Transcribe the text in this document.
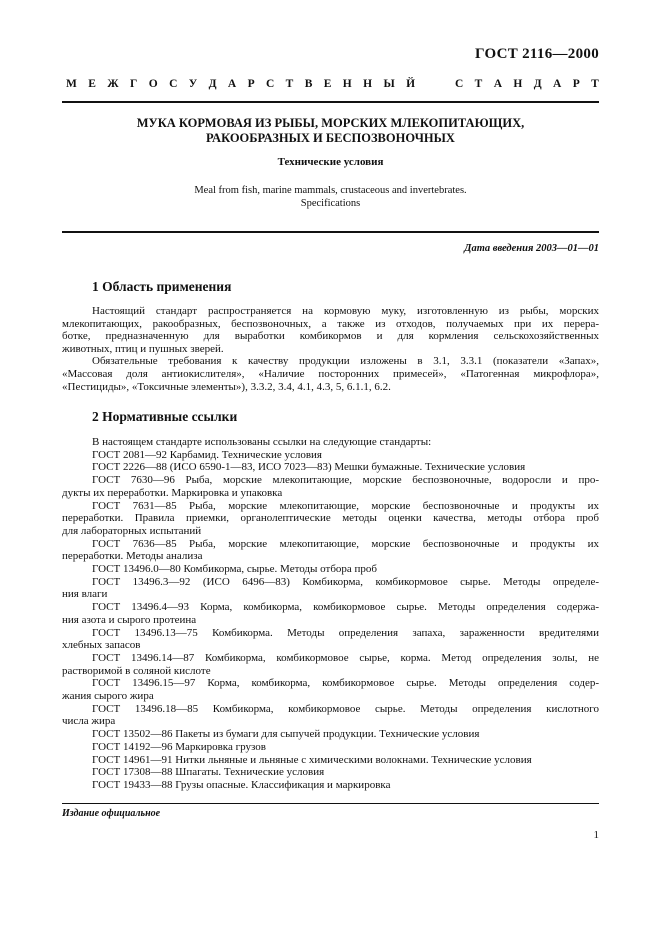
ГОСТ 2116—2000
М Е Ж Г О С У Д А Р С Т В Е Н Н Ы Й

	С Т А Н Д А Р Т
МУКА КОРМОВАЯ ИЗ РЫБЫ, МОРСКИХ МЛЕКОПИТАЮЩИХ,
РАКООБРАЗНЫХ И БЕСПОЗВОНОЧНЫХ
Технические условия
Meal from fish, marine mammals, crustaceous and invertebrates.
Specifications
Дата введения 2003—01—01
1 Область применения

Настоящий стандарт распространяется на кормовую муку, изготовленную из рыбы, морских

млекопитающих, ракообразных, беспозвоночных, а также из отходов, получаемых при их перера-

ботке, предназначенную для выработки комбикормов и для кормления сельскохозяйственных

животных, птиц и пушных зверей.

Обязательные требования к качеству продукции изложены в 3.1, 3.3.1 (показатели «Запах»,

«Массовая доля антиокислителя», «Наличие посторонних примесей», «Патогенная микрофлора»,

«Пестициды», «Токсичные элементы»), 3.3.2, 3.4, 4.1, 4.3, 5, 6.1.1, 6.2.

2 Нормативные ссылки

В настоящем стандарте использованы ссылки на следующие стандарты:

ГОСТ 2081—92 Карбамид. Технические условия

ГОСТ 2226—88 (ИСО 6590-1—83, ИСО 7023—83) Мешки бумажные. Технические условия

ГОСТ 7630—96 Рыба, морские млекопитающие, морские беспозвоночные, водоросли и про-

дукты их переработки. Маркировка и упаковка

ГОСТ 7631—85 Рыба, морские млекопитающие, морские беспозвоночные и продукты их

переработки. Правила приемки, органолептические методы оценки качества, методы отбора проб

для лабораторных испытаний

ГОСТ 7636—85 Рыба, морские млекопитающие, морские беспозвоночные и продукты их

переработки. Методы анализа

ГОСТ 13496.0—80 Комбикорма, сырье. Методы отбора проб

ГОСТ 13496.3—92 (ИСО 6496—83) Комбикорма, комбикормовое сырье. Методы определе-

ния влаги

ГОСТ 13496.4—93 Корма, комбикорма, комбикормовое сырье. Методы определения содержа-

ния азота и сырого протеина

ГОСТ 13496.13—75 Комбикорма. Методы определения запаха, зараженности вредителями

хлебных запасов

ГОСТ 13496.14—87 Комбикорма, комбикормовое сырье, корма. Метод определения золы, не

растворимой в соляной кислоте

ГОСТ 13496.15—97 Корма, комбикорма, комбикормовое сырье. Методы определения содер-

жания сырого жира

ГОСТ 13496.18—85 Комбикорма, комбикормовое сырье. Методы определения кислотного

числа жира

ГОСТ 13502—86 Пакеты из бумаги для сыпучей продукции. Технические условия

ГОСТ 14192—96 Маркировка грузов

ГОСТ 14961—91 Нитки льняные и льняные с химическими волокнами. Технические условия

ГОСТ 17308—88 Шпагаты. Технические условия

ГОСТ 19433—88 Грузы опасные. Классификация и маркировка

Издание официальное
1
